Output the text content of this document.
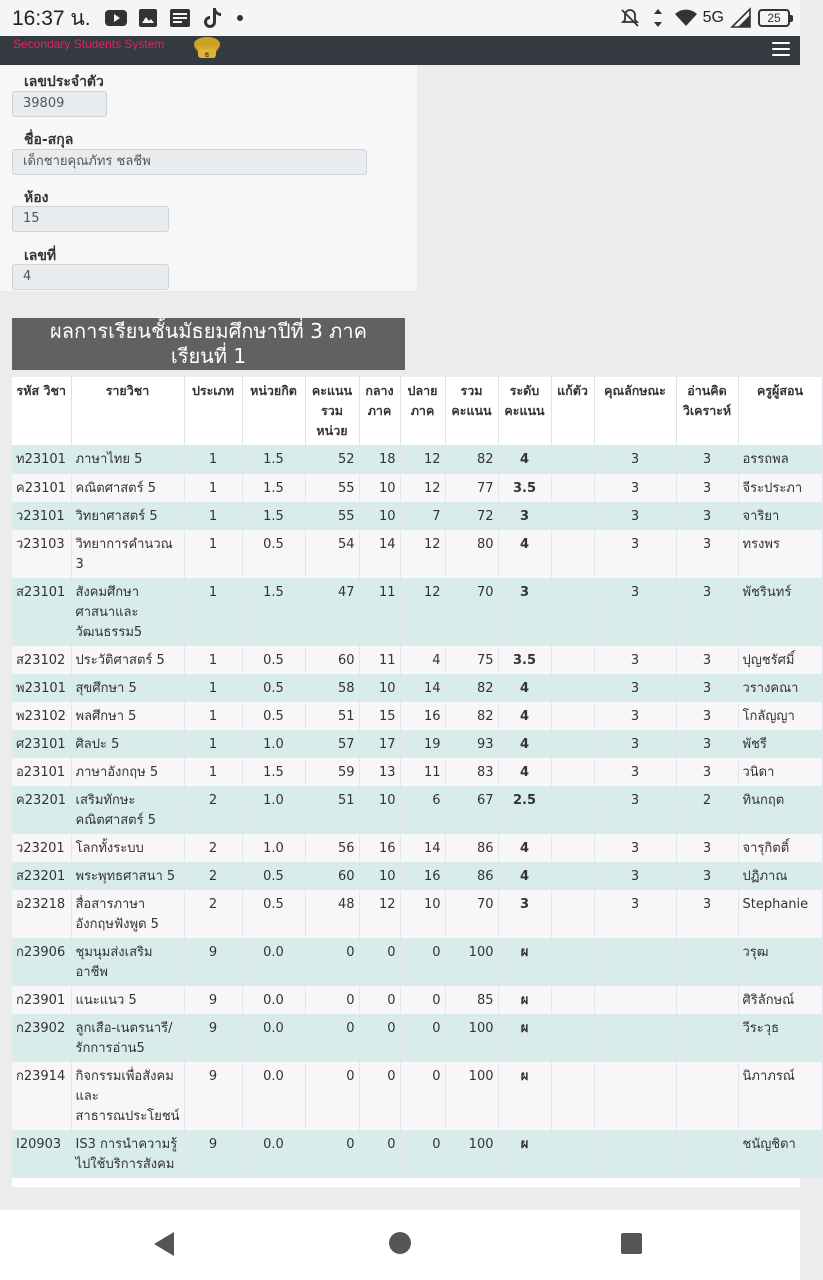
16:37 น.	5G	25
Secondary Students System
ธ
เลขประจำตัว
39809
ชื่อ-สกุล
เด็กชายคุณภัทร ชลชีพ
ห้อง
15
เลขที่
4
ผลการเรียนชั้นมัธยมศึกษาปีที่ 3 ภาค
เรียนที่ 1
รหัส วิชา	รายวิชา	ประเภท	หน่วยกิต	คะแนน รวม หน่วย	กลาง ภาค	ปลาย ภาค	รวม คะแนน	ระดับ คะแนน	แก้ตัว	คุณลักษณะ	อ่านคิด วิเคราะห์	ครูผู้สอน
ท23101	ภาษาไทย 5	1	1.5	52	18	12	82	4		3	3	อรรถพล
ค23101	คณิตศาสตร์ 5	1	1.5	55	10	12	77	3.5		3	3	จีระประภา
ว23101	วิทยาศาสตร์ 5	1	1.5	55	10	7	72	3		3	3	จาริยา
ว23103	วิทยาการคำนวณ 3	1	0.5	54	14	12	80	4		3	3	ทรงพร
ส23101	สังคมศึกษา ศาสนาและ วัฒนธรรม5	1	1.5	47	11	12	70	3		3	3	พัชรินทร์
ส23102	ประวัติศาสตร์ 5	1	0.5	60	11	4	75	3.5		3	3	ปุญชรัศมิ์
พ23101	สุขศึกษา 5	1	0.5	58	10	14	82	4		3	3	วรางคณา
พ23102	พลศึกษา 5	1	0.5	51	15	16	82	4		3	3	โกลัญญา
ศ23101	ศิลปะ 5	1	1.0	57	17	19	93	4		3	3	พัชรี
อ23101	ภาษาอังกฤษ 5	1	1.5	59	13	11	83	4		3	3	วนิดา
ค23201	เสริมทักษะ คณิตศาสตร์ 5	2	1.0	51	10	6	67	2.5		3	2	ทินกฤต
ว23201	โลกทั้งระบบ	2	1.0	56	16	14	86	4		3	3	จารุกิตติ์
ส23201	พระพุทธศาสนา 5	2	0.5	60	10	16	86	4		3	3	ปฏิภาณ
อ23218	สื่อสารภาษา อังกฤษฟังพูด 5	2	0.5	48	12	10	70	3		3	3	Stephanie
ก23906	ชุมนุมส่งเสริม อาชีพ	9	0.0	0	0	0	100	ผ				วรุฒ
ก23901	แนะแนว 5	9	0.0	0	0	0	85	ผ				ศิริลักษณ์
ก23902	ลูกเสือ-เนตรนารี/ รักการอ่าน5	9	0.0	0	0	0	100	ผ				วีระวุธ
ก23914	กิจกรรมเพื่อสังคม และ สาธารณประโยชน์	9	0.0	0	0	0	100	ผ				นิภาภรณ์
I20903	IS3 การนำความรู้ ไปใช้บริการสังคม	9	0.0	0	0	0	100	ผ				ชนัญชิดา
